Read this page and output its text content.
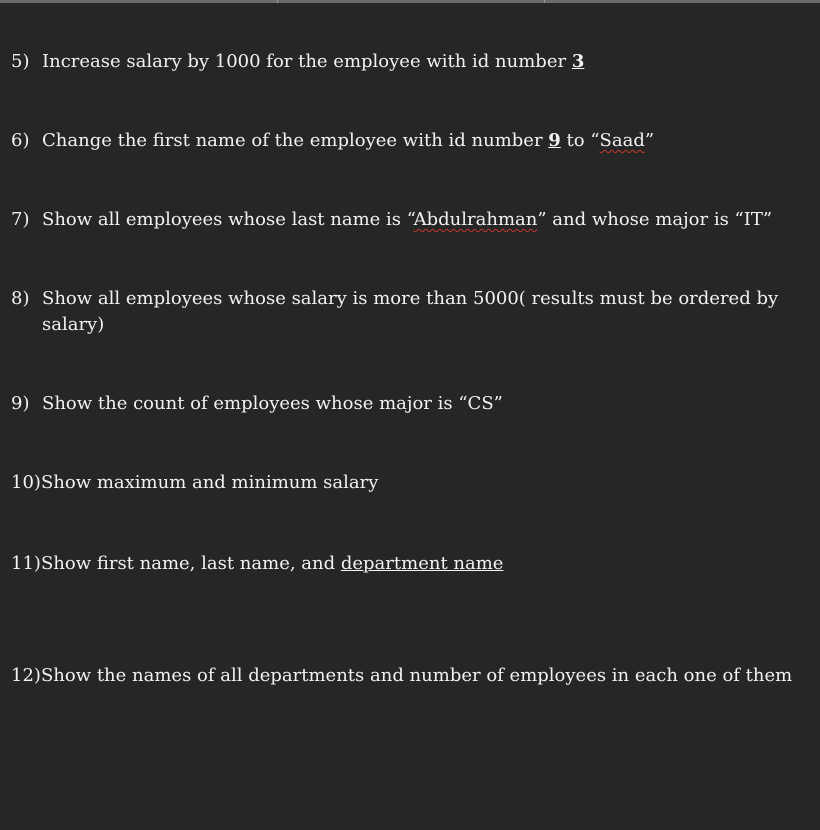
5) Increase salary by 1000 for the employee with id number 3
6) Change the first name of the employee with id number 9 to “Saad”
7) Show all employees whose last name is “Abdulrahman” and whose major is “IT”
8) Show all employees whose salary is more than 5000( results must be ordered by salary)
9) Show the count of employees whose major is “CS”
10) Show maximum and minimum salary
11) Show first name, last name, and department name
12) Show the names of all departments and number of employees in each one of them
